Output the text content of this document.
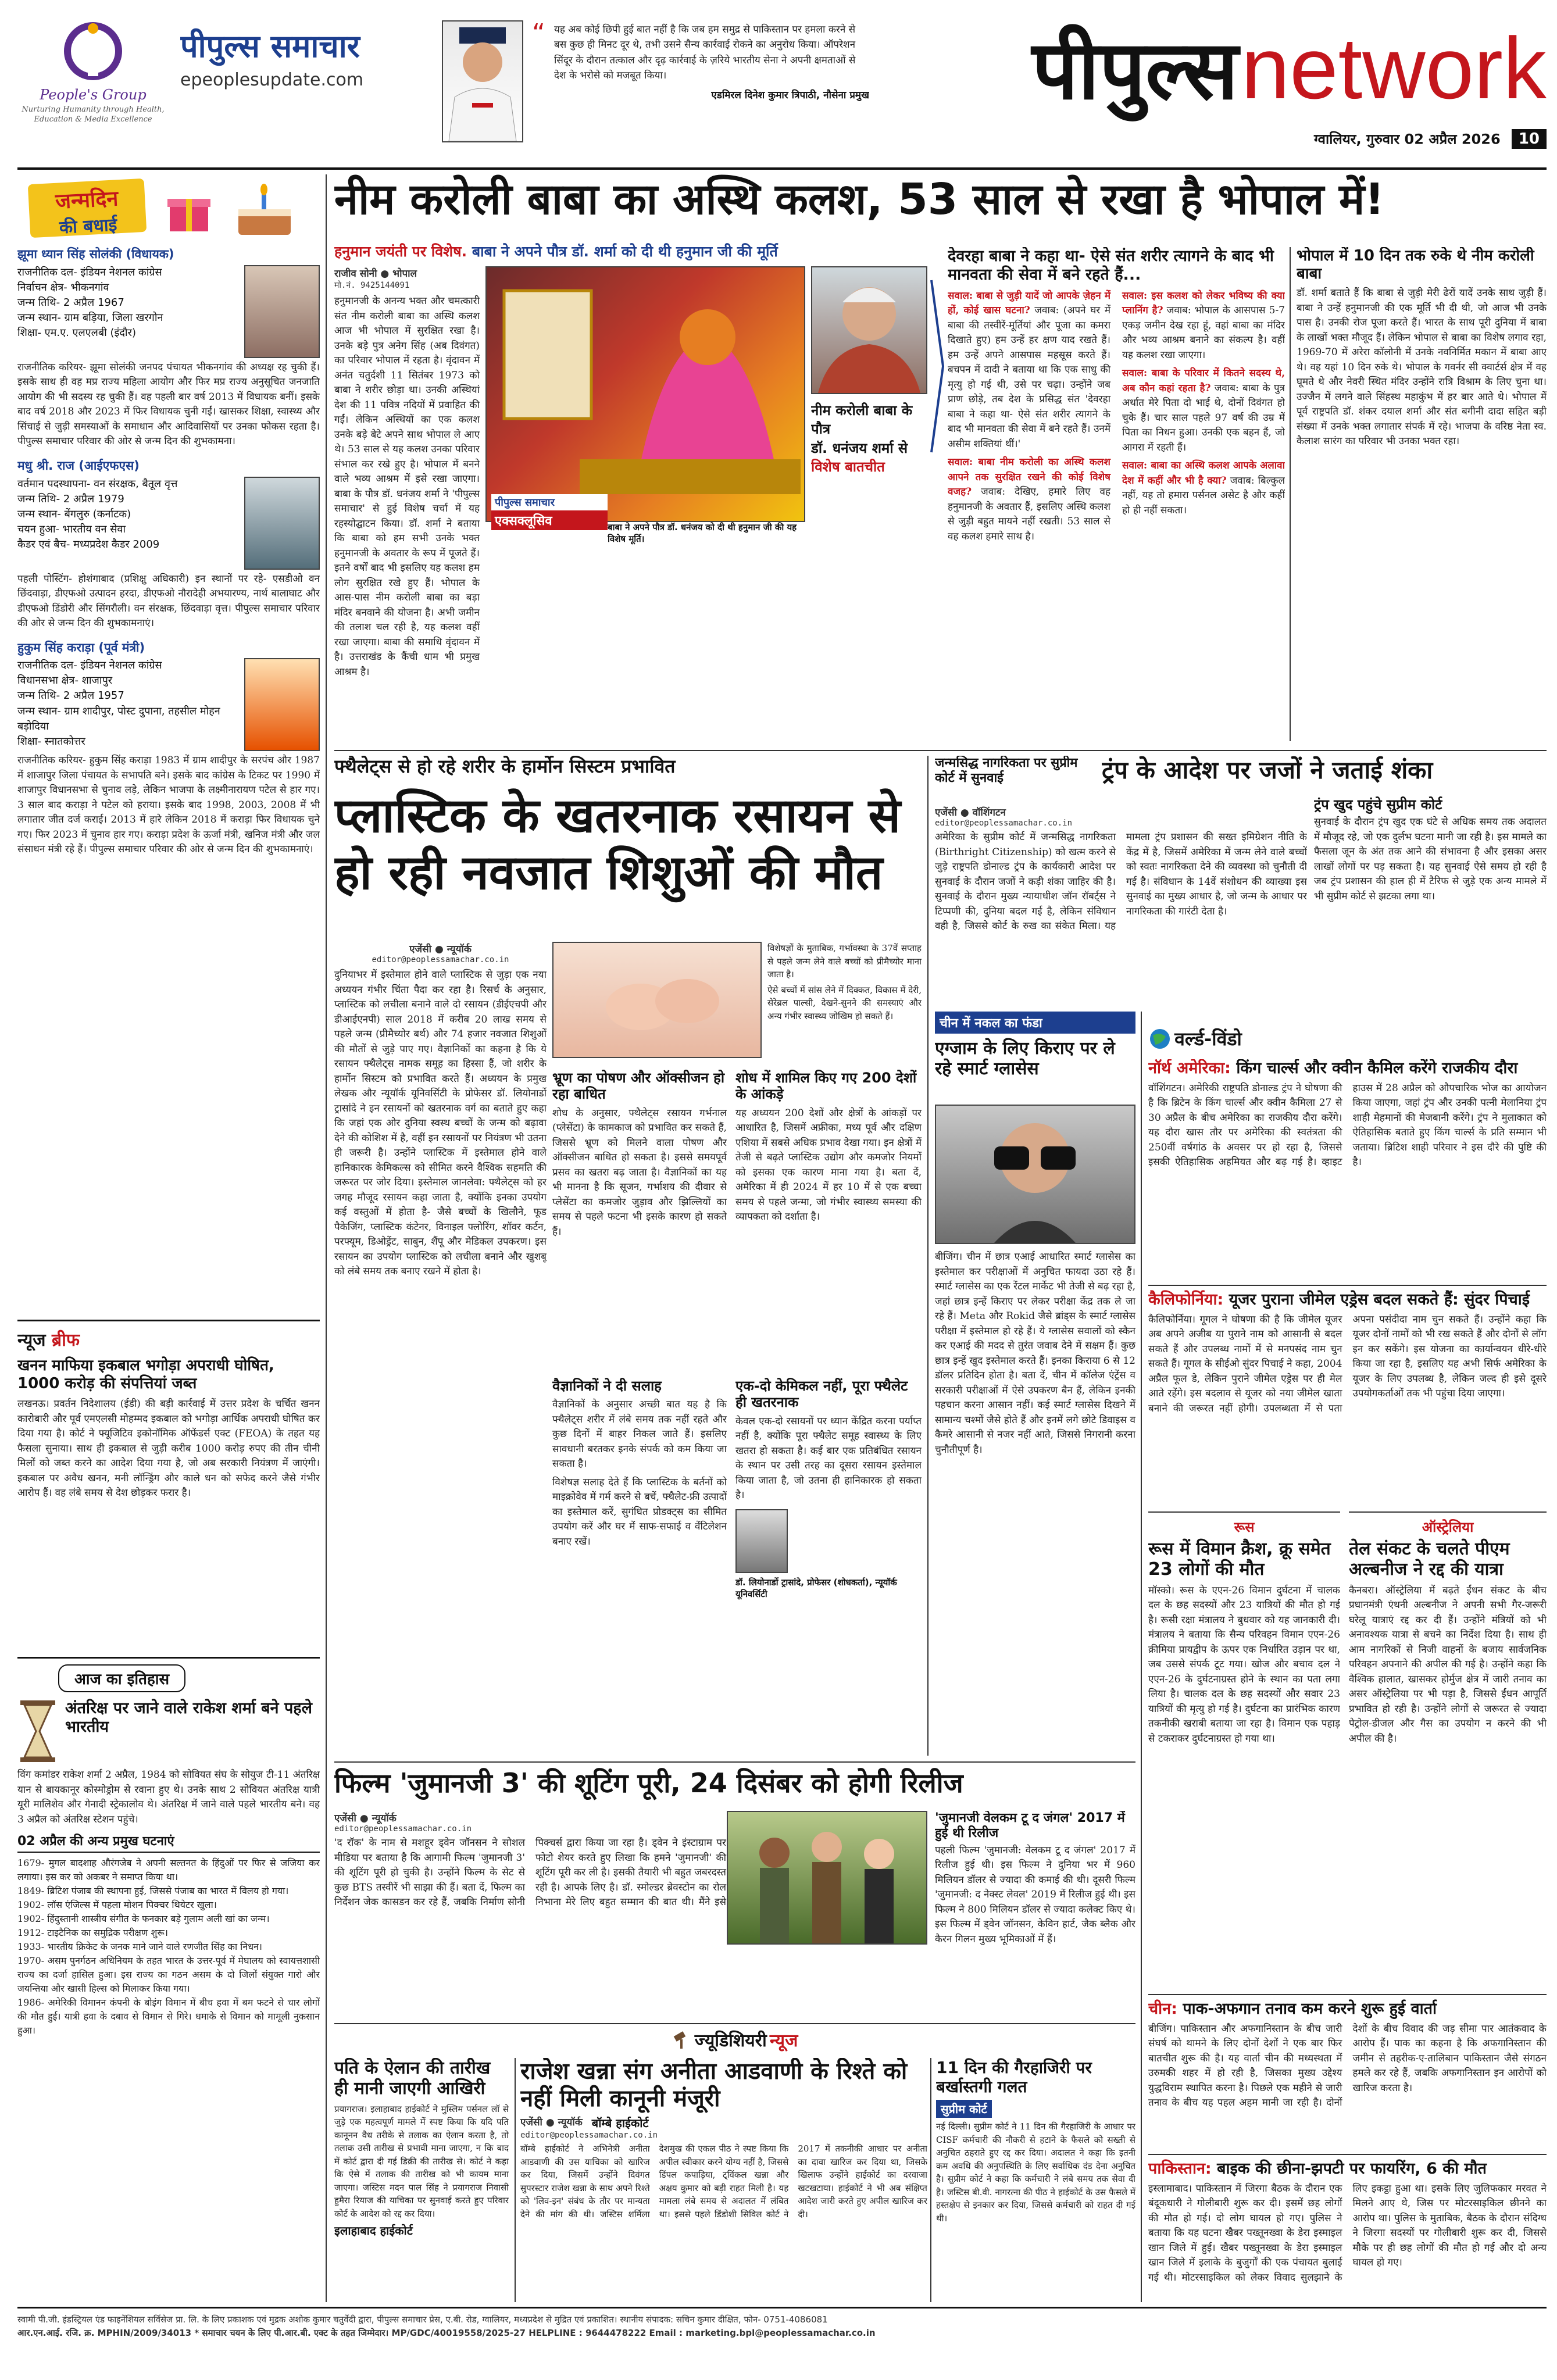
People's Group
Nurturing Humanity through Health, Education & Media Excellence
पीपुल्स समाचार
epeoplesupdate.com
“ यह अब कोई छिपी हुई बात नहीं है कि जब हम समुद्र से पाकिस्तान पर हमला करने से बस कुछ ही मिनट दूर थे, तभी उसने सैन्य कार्रवाई रोकने का अनुरोध किया। ऑपरेशन सिंदूर के दौरान तत्काल और दृढ़ कार्रवाई के ज़रिये भारतीय सेना ने अपनी क्षमताओं से देश के भरोसे को मजबूत किया।
एडमिरल दिनेश कुमार त्रिपाठी, नौसेना प्रमुख	पीपुल्स network
ग्वालियर, गुरुवार 02 अप्रैल 2026 10
जन्मदिन
की बधाई
झूमा ध्यान सिंह सोलंकी (विधायक)
राजनीतिक दल- इंडियन नेशनल कांग्रेस
निर्वाचन क्षेत्र- भीकनगांव
जन्म तिथि- 2 अप्रैल 1967
जन्म स्थान- ग्राम बड़िया, जिला खरगोन
शिक्षा- एम.ए. एलएलबी (इंदौर)
राजनीतिक करियर- झूमा सोलंकी जनपद पंचायत भीकनगांव की अध्यक्ष रह चुकी हैं। इसके साथ ही वह मप्र राज्य महिला आयोग और फिर मप्र राज्य अनुसूचित जनजाति आयोग की भी सदस्य रह चुकी हैं। वह पहली बार वर्ष 2013 में विधायक बनीं। इसके बाद वर्ष 2018 और 2023 में फिर विधायक चुनी गईं। खासकर शिक्षा, स्वास्थ्य और सिंचाई से जुड़ी समस्याओं के समाधान और आदिवासियों पर उनका फोकस रहता है। पीपुल्स समाचार परिवार की ओर से जन्म दिन की शुभकामना।
मधु श्री. राज (आईएफएस)
वर्तमान पदस्थापना- वन संरक्षक, बैतूल वृत्त
जन्म तिथि- 2 अप्रैल 1979
जन्म स्थान- बेंगलुरु (कर्नाटक)
चयन हुआ- भारतीय वन सेवा
कैडर एवं बैच- मध्यप्रदेश कैडर 2009
पहली पोस्टिंग- होशंगाबाद (प्रशिक्षु अधिकारी) इन स्थानों पर रहे- एसडीओ वन छिंदवाड़ा, डीएफओ उत्पादन हरदा, डीएफओ नौरादेही अभयारण्य, नार्थ बालाघाट और डीएफओ डिंडोरी और सिंगरौली। वन संरक्षक, छिंदवाड़ा वृत्त। पीपुल्स समाचार परिवार की ओर से जन्म दिन की शुभकामनाएं।
हुकुम सिंह कराड़ा (पूर्व मंत्री)
राजनीतिक दल- इंडियन नेशनल कांग्रेस
विधानसभा क्षेत्र- शाजापुर
जन्म तिथि- 2 अप्रैल 1957
जन्म स्थान- ग्राम शादीपुर, पोस्ट दुपाना, तहसील मोहन बड़ोदिया
शिक्षा- स्नातकोत्तर
राजनीतिक करियर- हुकुम सिंह कराड़ा 1983 में ग्राम शादीपुर के सरपंच और 1987 में शाजापुर जिला पंचायत के सभापति बने। इसके बाद कांग्रेस के टिकट पर 1990 में शाजापुर विधानसभा से चुनाव लड़े, लेकिन भाजपा के लक्ष्मीनारायण पटेल से हार गए। 3 साल बाद कराड़ा ने पटेल को हराया। इसके बाद 1998, 2003, 2008 में भी लगातार जीत दर्ज कराई। 2013 में हारे लेकिन 2018 में कराड़ा फिर विधायक चुने गए। फिर 2023 में चुनाव हार गए। कराड़ा प्रदेश के ऊर्जा मंत्री, खनिज मंत्री और जल संसाधन मंत्री रहे हैं। पीपुल्स समाचार परिवार की ओर से जन्म दिन की शुभकामनाएं।
न्यूज ब्रीफ
खनन माफिया इकबाल भगोड़ा अपराधी घोषित, 1000 करोड़ की संपत्तियां जब्त
लखनऊ। प्रवर्तन निदेशालय (ईडी) की बड़ी कार्रवाई में उत्तर प्रदेश के चर्चित खनन कारोबारी और पूर्व एमएलसी मोहम्मद इकबाल को भगोड़ा आर्थिक अपराधी घोषित कर दिया गया है। कोर्ट ने फ्यूजिटिव इकोनॉमिक ऑफेंडर्स एक्ट (FEOA) के तहत यह फैसला सुनाया। साथ ही इकबाल से जुड़ी करीब 1000 करोड़ रुपए की तीन चीनी मिलों को जब्त करने का आदेश दिया गया है, जो अब सरकारी नियंत्रण में जाएंगी। इकबाल पर अवैध खनन, मनी लॉन्ड्रिंग और काले धन को सफेद करने जैसे गंभीर आरोप हैं। वह लंबे समय से देश छोड़कर फरार है।
आज का इतिहास
अंतरिक्ष पर जाने वाले राकेश शर्मा बने पहले भारतीय
विंग कमांडर राकेश शर्मा 2 अप्रैल, 1984 को सोवियत संघ के सोयुज टी-11 अंतरिक्ष यान से बायकानूर कोस्मोड्रोम से रवाना हुए थे। उनके साथ 2 सोवियत अंतरिक्ष यात्री यूरी मालिशेव और गेनादी स्ट्रेकालोव थे। अंतरिक्ष में जाने वाले पहले भारतीय बने। वह 3 अप्रैल को अंतरिक्ष स्टेशन पहुंचे।
02 अप्रैल की अन्य प्रमुख घटनाएं
1679- मुगल बादशाह औरंगजेब ने अपनी सल्तनत के हिंदुओं पर फिर से जजिया कर लगाया। इस कर को अकबर ने समाप्त किया था।
1849- ब्रिटिश पंजाब की स्थापना हुई, जिससे पंजाब का भारत में विलय हो गया।
1902- लॉस एंजिल्स में पहला मोशन पिक्चर थियेटर खुला।
1902- हिंदुस्तानी शास्त्रीय संगीत के फनकार बड़े गुलाम अली खां का जन्म।
1912- टाइटैनिक का समुद्रिक परीक्षण शुरू।
1933- भारतीय क्रिकेट के जनक माने जाने वाले रणजीत सिंह का निधन।
1970- असम पुनर्गठन अधिनियम के तहत भारत के उत्तर-पूर्व में मेघालय को स्वायत्तशासी राज्य का दर्जा हासिल हुआ। इस राज्य का गठन असम के दो जिलों संयुक्त गारो और जयन्तिया और खासी हिल्स को मिलाकर किया गया।
1986- अमेरिकी विमानन कंपनी के बोइंग विमान में बीच हवा में बम फटने से चार लोगों की मौत हुई। यात्री हवा के दबाव से विमान से गिरे। धमाके से विमान को मामूली नुकसान हुआ।
नीम करोली बाबा का अस्थि कलश, 53 साल से रखा है भोपाल में!
हनुमान जयंती पर विशेष. बाबा ने अपने पौत्र डॉ. शर्मा को दी थी हनुमान जी की मूर्ति
राजीव सोनी ● भोपाल
मो.नं. 9425144091
हनुमानजी के अनन्य भक्त और चमत्कारी संत नीम करोली बाबा का अस्थि कलश आज भी भोपाल में सुरक्षित रखा है। उनके बड़े पुत्र अनेग सिंह (अब दिवंगत) का परिवार भोपाल में रहता है। वृंदावन में अनंत चतुर्दशी 11 सितंबर 1973 को बाबा ने शरीर छोड़ा था। उनकी अस्थियां देश की 11 पवित्र नदियों में प्रवाहित की गईं। लेकिन अस्थियों का एक कलश उनके बड़े बेटे अपने साथ भोपाल ले आए थे। 53 साल से यह कलश उनका परिवार संभाल कर रखे हुए है। भोपाल में बनने वाले भव्य आश्रम में इसे रखा जाएगा। बाबा के पौत्र डॉ. धनंजय शर्मा ने 'पीपुल्स समाचार' से हुई विशेष चर्चा में यह रहस्योद्घाटन किया। डॉ. शर्मा ने बताया कि बाबा को हम सभी उनके भक्त हनुमानजी के अवतार के रूप में पूजते हैं। इतने वर्षों बाद भी इसलिए यह कलश हम लोग सुरक्षित रखे हुए हैं। भोपाल के आस-पास नीम करोली बाबा का बड़ा मंदिर बनवाने की योजना है। अभी जमीन की तलाश चल रही है, यह कलश वहीं रखा जाएगा। बाबा की समाधि वृंदावन में है। उत्तराखंड के कैंची धाम भी प्रमुख आश्रम है।
पीपुल्स समाचार
एक्सक्लूसिव	बाबा ने अपने पौत्र डॉ. धनंजय को दी थी हनुमान जी की यह विशेष मूर्ति।
नीम करोली बाबा के पौत्र
डॉ. धनंजय शर्मा से
विशेष बातचीत
देवरहा बाबा ने कहा था- ऐसे संत शरीर त्यागने के बाद भी मानवता की सेवा में बने रहते हैं...
सवाल: बाबा से जुड़ी यादें जो आपके ज़ेहन में हों, कोई खास घटना? जवाब: (अपने घर में बाबा की तस्वीरें-मूर्तियां और पूजा का कमरा दिखाते हुए) हम उन्हें हर क्षण याद रखते हैं। हम उन्हें अपने आसपास महसूस करते हैं। बचपन में दादी ने बताया था कि एक साधु की मृत्यु हो गई थी, उसे पर चढ़ा। उन्होंने जब प्राण छोड़े, तब देश के प्रसिद्ध संत 'देवरहा बाबा ने कहा था- ऐसे संत शरीर त्यागने के बाद भी मानवता की सेवा में बने रहते हैं। उनमें असीम शक्तियां थीं।'
सवाल: बाबा नीम करोली का अस्थि कलश आपने तक सुरक्षित रखने की कोई विशेष वजह? जवाब: देखिए, हमारे लिए वह हनुमानजी के अवतार हैं, इसलिए अस्थि कलश से जुड़ी बहुत मायने नहीं रखती। 53 साल से वह कलश हमारे साथ है।
सवाल: इस कलश को लेकर भविष्य की क्या प्लानिंग है? जवाब: भोपाल के आसपास 5-7 एकड़ जमीन देख रहा हूं, वहां बाबा का मंदिर और भव्य आश्रम बनाने का संकल्प है। वहीं यह कलश रखा जाएगा।
सवाल: बाबा के परिवार में कितने सदस्य थे, अब कौन कहां रहता है? जवाब: बाबा के पुत्र अर्थात मेरे पिता दो भाई थे, दोनों दिवंगत हो चुके हैं। चार साल पहले 97 वर्ष की उम्र में पिता का निधन हुआ। उनकी एक बहन हैं, जो आगरा में रहती हैं।
सवाल: बाबा का अस्थि कलश आपके अलावा देश में कहीं और भी है क्या? जवाब: बिल्कुल नहीं, यह तो हमारा पर्सनल असेट है और कहीं हो ही नहीं सकता।
भोपाल में 10 दिन तक रुके थे नीम करोली बाबा
डॉ. शर्मा बताते हैं कि बाबा से जुड़ी मेरी ढेरों यादें उनके साथ जुड़ी हैं। बाबा ने उन्हें हनुमानजी की एक मूर्ति भी दी थी, जो आज भी उनके पास है। उनकी रोज पूजा करते हैं। भारत के साथ पूरी दुनिया में बाबा के लाखों भक्त मौजूद हैं। लेकिन भोपाल से बाबा का विशेष लगाव रहा, 1969-70 में अरेरा कॉलोनी में उनके नवनिर्मित मकान में बाबा आए थे। वह यहां 10 दिन रुके थे। भोपाल के गवर्नर सी क्वार्टर्स क्षेत्र में वह घूमते थे और नेवरी स्थित मंदिर उन्होंने रात्रि विश्राम के लिए चुना था। उज्जैन में लगने वाले सिंहस्थ महाकुंभ में हर बार आते थे। भोपाल में पूर्व राष्ट्रपति डॉ. शंकर दयाल शर्मा और संत बगीनी दादा सहित बड़ी संख्या में उनके भक्त लगातार संपर्क में रहे। भाजपा के वरिष्ठ नेता स्व. कैलाश सारंग का परिवार भी उनका भक्त रहा।
फ्थैलेट्स से हो रहे शरीर के हार्मोन सिस्टम प्रभावित
प्लास्टिक के खतरनाक रसायन से हो रही नवजात शिशुओं की मौत
एजेंसी ● न्यूयॉर्क
editor@peoplessamachar.co.in
दुनियाभर में इस्तेमाल होने वाले प्लास्टिक से जुड़ा एक नया अध्ययन गंभीर चिंता पैदा कर रहा है। रिसर्च के अनुसार, प्लास्टिक को लचीला बनाने वाले दो रसायन (डीईएचपी और डीआईएनपी) साल 2018 में करीब 20 लाख समय से पहले जन्म (प्रीमैच्योर बर्थ) और 74 हजार नवजात शिशुओं की मौतों से जुड़े पाए गए। वैज्ञानिकों का कहना है कि ये रसायन फ्थैलेट्स नामक समूह का हिस्सा हैं, जो शरीर के हार्मोन सिस्टम को प्रभावित करते हैं। अध्ययन के प्रमुख लेखक और न्यूयॉर्क यूनिवर्सिटी के प्रोफेसर डॉ. लियोनार्डो ट्रासांदे ने इन रसायनों को खतरनाक वर्ग का बताते हुए कहा कि जहां एक ओर दुनिया स्वस्थ बच्चों के जन्म को बढ़ावा देने की कोशिश में है, वहीं इन रसायनों पर नियंत्रण भी उतना ही जरूरी है। उन्होंने प्लास्टिक में इस्तेमाल होने वाले हानिकारक केमिकल्स को सीमित करने वैश्विक सहमति की जरूरत पर जोर दिया। इस्तेमाल जानलेवा: फ्थैलेट्स को हर जगह मौजूद रसायन कहा जाता है, क्योंकि इनका उपयोग कई वस्तुओं में होता है- जैसे बच्चों के खिलौने, फूड पैकेजिंग, प्लास्टिक कंटेनर, विनाइल फ्लोरिंग, शॉवर कर्टन, परफ्यूम, डिओड्रेंट, साबुन, शैंपू और मेडिकल उपकरण। इस रसायन का उपयोग प्लास्टिक को लचीला बनाने और खुशबू को लंबे समय तक बनाए रखने में होता है।
विशेषज्ञों के मुताबिक, गर्भावस्था के 37वें सप्ताह से पहले जन्म लेने वाले बच्चों को प्रीमैच्योर माना जाता है।
ऐसे बच्चों में सांस लेने में दिक्कत, विकास में देरी, सेरेब्रल पाल्सी, देखने-सुनने की समस्याएं और अन्य गंभीर स्वास्थ्य जोखिम हो सकते हैं।
भ्रूण का पोषण और ऑक्सीजन हो रहा बाधित
शोध के अनुसार, फ्थैलेट्स रसायन गर्भनाल (प्लेसेंटा) के कामकाज को प्रभावित कर सकते हैं, जिससे भ्रूण को मिलने वाला पोषण और ऑक्सीजन बाधित हो सकता है। इससे समयपूर्व प्रसव का खतरा बढ़ जाता है। वैज्ञानिकों का यह भी मानना है कि सूजन, गर्भाशय की दीवार से प्लेसेंटा का कमजोर जुड़ाव और झिल्लियों का समय से पहले फटना भी इसके कारण हो सकते हैं।
शोध में शामिल किए गए 200 देशों के आंकड़े
यह अध्ययन 200 देशों और क्षेत्रों के आंकड़ों पर आधारित है, जिसमें अफ्रीका, मध्य पूर्व और दक्षिण एशिया में सबसे अधिक प्रभाव देखा गया। इन क्षेत्रों में तेजी से बढ़ते प्लास्टिक उद्योग और कमजोर नियमों को इसका एक कारण माना गया है। बता दें, अमेरिका में ही 2024 में हर 10 में से एक बच्चा समय से पहले जन्मा, जो गंभीर स्वास्थ्य समस्या की व्यापकता को दर्शाता है।
वैज्ञानिकों ने दी सलाह
वैज्ञानिकों के अनुसार अच्छी बात यह है कि फ्थैलेट्स शरीर में लंबे समय तक नहीं रहते और कुछ दिनों में बाहर निकल जाते हैं। इसलिए सावधानी बरतकर इनके संपर्क को कम किया जा सकता है।
विशेषज्ञ सलाह देते हैं कि प्लास्टिक के बर्तनों को माइक्रोवेव में गर्म करने से बचें, फ्थैलेट-फ्री उत्पादों का इस्तेमाल करें, सुगंधित प्रोडक्ट्स का सीमित उपयोग करें और घर में साफ-सफाई व वेंटिलेशन बनाए रखें।
एक-दो केमिकल नहीं, पूरा फ्थैलेट ही खतरनाक
केवल एक-दो रसायनों पर ध्यान केंद्रित करना पर्याप्त नहीं है, क्योंकि पूरा फ्थैलेट समूह स्वास्थ्य के लिए खतरा हो सकता है। कई बार एक प्रतिबंधित रसायन के स्थान पर उसी तरह का दूसरा रसायन इस्तेमाल किया जाता है, जो उतना ही हानिकारक हो सकता है।
डॉ. लियोनार्डो ट्रासांदे, प्रोफेसर (शोधकर्ता), न्यूयॉर्क यूनिवर्सिटी
जन्मसिद्ध नागरिकता पर सुप्रीम कोर्ट में सुनवाई	ट्रंप के आदेश पर जजों ने जताई शंका
एजेंसी ● वॉशिंगटन
editor@peoplessamachar.co.in
अमेरिका के सुप्रीम कोर्ट में जन्मसिद्ध नागरिकता (Birthright Citizenship) को खत्म करने से जुड़े राष्ट्रपति डोनाल्ड ट्रंप के कार्यकारी आदेश पर सुनवाई के दौरान जजों ने कड़ी शंका जाहिर की है। सुनवाई के दौरान मुख्य न्यायाधीश जॉन रॉबर्ट्स ने टिप्पणी की, दुनिया बदल गई है, लेकिन संविधान वही है, जिससे कोर्ट के रुख का संकेत मिला। यह मामला ट्रंप प्रशासन की सख्त इमिग्रेशन नीति के केंद्र में है, जिसमें अमेरिका में जन्म लेने वाले बच्चों को स्वतः नागरिकता देने की व्यवस्था को चुनौती दी गई है। संविधान के 14वें संशोधन की व्याख्या इस सुनवाई का मुख्य आधार है, जो जन्म के आधार पर नागरिकता की गारंटी देता है।
ट्रंप खुद पहुंचे सुप्रीम कोर्ट
सुनवाई के दौरान ट्रंप खुद एक घंटे से अधिक समय तक अदालत में मौजूद रहे, जो एक दुर्लभ घटना मानी जा रही है। इस मामले का फैसला जून के अंत तक आने की संभावना है और इसका असर लाखों लोगों पर पड़ सकता है। यह सुनवाई ऐसे समय हो रही है जब ट्रंप प्रशासन की हाल ही में टैरिफ से जुड़े एक अन्य मामले में भी सुप्रीम कोर्ट से झटका लगा था।
चीन में नकल का फंडा
एग्जाम के लिए किराए पर ले रहे स्मार्ट ग्लासेस
बीजिंग। चीन में छात्र एआई आधारित स्मार्ट ग्लासेस का इस्तेमाल कर परीक्षाओं में अनुचित फायदा उठा रहे हैं। स्मार्ट ग्लासेस का एक रेंटल मार्केट भी तेजी से बढ़ रहा है, जहां छात्र इन्हें किराए पर लेकर परीक्षा केंद्र तक ले जा रहे हैं। Meta और Rokid जैसे ब्रांड्स के स्मार्ट ग्लासेस परीक्षा में इस्तेमाल हो रहे हैं। ये ग्लासेस सवालों को स्कैन कर एआई की मदद से तुरंत जवाब देने में सक्षम हैं। कुछ छात्र इन्हें खुद इस्तेमाल करते हैं। इनका किराया 6 से 12 डॉलर प्रतिदिन होता है। बता दें, चीन में कॉलेज एंट्रेंस व सरकारी परीक्षाओं में ऐसे उपकरण बैन हैं, लेकिन इनकी पहचान करना आसान नहीं। कई स्मार्ट ग्लासेस दिखने में सामान्य चश्मों जैसे होते हैं और इनमें लगे छोटे डिवाइस व कैमरे आसानी से नजर नहीं आते, जिससे निगरानी करना चुनौतीपूर्ण है।
वर्ल्ड-विंडो
नॉर्थ अमेरिका: किंग चार्ल्स और क्वीन कैमिल करेंगे राजकीय दौरा
वॉशिंगटन। अमेरिकी राष्ट्रपति डोनाल्ड ट्रंप ने घोषणा की है कि ब्रिटेन के किंग चार्ल्स और क्वीन कैमिला 27 से 30 अप्रैल के बीच अमेरिका का राजकीय दौरा करेंगे। यह दौरा खास तौर पर अमेरिका की स्वतंत्रता की 250वीं वर्षगांठ के अवसर पर हो रहा है, जिससे इसकी ऐतिहासिक अहमियत और बढ़ गई है। व्हाइट हाउस में 28 अप्रैल को औपचारिक भोज का आयोजन किया जाएगा, जहां ट्रंप और उनकी पत्नी मेलानिया ट्रंप शाही मेहमानों की मेजबानी करेंगे। ट्रंप ने मुलाकात को ऐतिहासिक बताते हुए किंग चार्ल्स के प्रति सम्मान भी जताया। ब्रिटिश शाही परिवार ने इस दौरे की पुष्टि की है।
कैलिफोर्निया: यूजर पुराना जीमेल एड्रेस बदल सकते हैं: सुंदर पिचाई
कैलिफोर्निया। गूगल ने घोषणा की है कि जीमेल यूजर अब अपने अजीब या पुराने नाम को आसानी से बदल सकते हैं और उपलब्ध नामों में से मनपसंद नाम चुन सकते हैं। गूगल के सीईओ सुंदर पिचाई ने कहा, 2004 अप्रैल फूल डे, लेकिन पुराने जीमेल एड्रेस पर ही मेल आते रहेंगे। इस बदलाव से यूजर को नया जीमेल खाता बनाने की जरूरत नहीं होगी। उपलब्धता में से पता अपना पसंदीदा नाम चुन सकते हैं। उन्होंने कहा कि यूजर दोनों नामों को भी रख सकते हैं और दोनों से लॉग इन कर सकेंगे। इस योजना का कार्यान्वयन धीरे-धीरे किया जा रहा है, इसलिए यह अभी सिर्फ अमेरिका के यूजर के लिए उपलब्ध है, लेकिन जल्द ही इसे दूसरे उपयोगकर्ताओं तक भी पहुंचा दिया जाएगा।
रूस
रूस में विमान क्रैश, क्रू समेत 23 लोगों की मौत
मॉस्को। रूस के एएन-26 विमान दुर्घटना में चालक दल के छह सदस्यों और 23 यात्रियों की मौत हो गई है। रूसी रक्षा मंत्रालय ने बुधवार को यह जानकारी दी। मंत्रालय ने बताया कि सैन्य परिवहन विमान एएन-26 क्रीमिया प्रायद्वीप के ऊपर एक निर्धारित उड़ान पर था, जब उससे संपर्क टूट गया। खोज और बचाव दल ने एएन-26 के दुर्घटनाग्रस्त होने के स्थान का पता लगा लिया है। चालक दल के छह सदस्यों और सवार 23 यात्रियों की मृत्यु हो गई है। दुर्घटना का प्रारंभिक कारण तकनीकी खराबी बताया जा रहा है। विमान एक पहाड़ से टकराकर दुर्घटनाग्रस्त हो गया था।
ऑस्ट्रेलिया
तेल संकट के चलते पीएम अल्बनीज ने रद्द की यात्रा
कैनबरा। ऑस्ट्रेलिया में बढ़ते ईंधन संकट के बीच प्रधानमंत्री एंथनी अल्बनीज ने अपनी सभी गैर-जरूरी घरेलू यात्राएं रद्द कर दी हैं। उन्होंने मंत्रियों को भी अनावश्यक यात्रा से बचने का निर्देश दिया है। साथ ही आम नागरिकों से निजी वाहनों के बजाय सार्वजनिक परिवहन अपनाने की अपील की गई है। उन्होंने कहा कि वैश्विक हालात, खासकर होर्मुज क्षेत्र में जारी तनाव का असर ऑस्ट्रेलिया पर भी पड़ा है, जिससे ईंधन आपूर्ति प्रभावित हो रही है। उन्होंने लोगों से जरूरत से ज्यादा पेट्रोल-डीजल और गैस का उपयोग न करने की भी अपील की है।
चीन: पाक-अफगान तनाव कम करने शुरू हुई वार्ता
बीजिंग। पाकिस्तान और अफगानिस्तान के बीच जारी संघर्ष को थामने के लिए दोनों देशों ने एक बार फिर बातचीत शुरू की है। यह वार्ता चीन की मध्यस्थता में उरुमकी शहर में हो रही है, जिसका मुख्य उद्देश्य युद्धविराम स्थापित करना है। पिछले एक महीने से जारी तनाव के बीच यह पहल अहम मानी जा रही है। दोनों देशों के बीच विवाद की जड़ सीमा पार आतंकवाद के आरोप हैं। पाक का कहना है कि अफगानिस्तान की जमीन से तहरीक-ए-तालिबान पाकिस्तान जैसे संगठन हमले कर रहे हैं, जबकि अफगानिस्तान इन आरोपों को खारिज करता है।
पाकिस्तान: बाइक की छीना-झपटी पर फायरिंग, 6 की मौत
इस्लामाबाद। पाकिस्तान में जिरगा बैठक के दौरान एक बंदूकधारी ने गोलीबारी शुरू कर दी। इसमें छह लोगों की मौत हो गई। दो लोग घायल हो गए। पुलिस ने बताया कि यह घटना खैबर पख्तूनख्वा के डेरा इस्माइल खान जिले में हुई। खैबर पख्तूनख्वा के डेरा इस्माइल खान जिले में इलाके के बुजुर्गों की एक पंचायत बुलाई गई थी। मोटरसाइकिल को लेकर विवाद सुलझाने के लिए इकट्ठा हुआ था। इसके लिए जुलिफकार मरवत ने मिलने आए थे, जिस पर मोटरसाइकिल छीनने का आरोप था। पुलिस के मुताबिक, बैठक के दौरान संदिग्ध ने जिरगा सदस्यों पर गोलीबारी शुरू कर दी, जिससे मौके पर ही छह लोगों की मौत हो गई और दो अन्य घायल हो गए।
फिल्म 'जुमानजी 3' की शूटिंग पूरी, 24 दिसंबर को होगी रिलीज
एजेंसी ● न्यूयॉर्क
editor@peoplessamachar.co.in
'द रॉक' के नाम से मशहूर ड्वेन जॉनसन ने सोशल मीडिया पर बताया है कि आगामी फिल्म 'जुमानजी 3' की शूटिंग पूरी हो चुकी है। उन्होंने फिल्म के सेट से कुछ BTS तस्वीरें भी साझा की हैं। बता दें, फिल्म का निर्देशन जेक कासडन कर रहे हैं, जबकि निर्माण सोनी पिक्चर्स द्वारा किया जा रहा है। ड्वेन ने इंस्टाग्राम पर फोटो शेयर करते हुए लिखा कि हमने 'जुमानजी' की शूटिंग पूरी कर ली है। इसकी तैयारी भी बहुत जबरदस्त रही है। आपके लिए है। डॉ. स्मोल्डर ब्रेवस्टोन का रोल निभाना मेरे लिए बहुत सम्मान की बात थी। मैंने इसे
'जुमानजी वेलकम टू द जंगल' 2017 में हुई थी रिलीज
पहली फिल्म 'जुमानजी: वेलकम टू द जंगल' 2017 में रिलीज हुई थी। इस फिल्म ने दुनिया भर में 960 मिलियन डॉलर से ज्यादा की कमाई की थी। दूसरी फिल्म 'जुमानजी: द नेक्स्ट लेवल' 2019 में रिलीज हुई थी। इस फिल्म ने 800 मिलियन डॉलर से ज्यादा कलेक्ट किए थे। इस फिल्म में ड्वेन जॉनसन, केविन हार्ट, जैक ब्लैक और कैरन गिलन मुख्य भूमिकाओं में हैं।
ज्यूडिशियरी न्यूज
पति के ऐलान की तारीख ही मानी जाएगी आखिरी
प्रयागराज। इलाहाबाद हाईकोर्ट ने मुस्लिम पर्सनल लॉ से जुड़े एक महत्वपूर्ण मामले में स्पष्ट किया कि यदि पति कानूनन वैध तरीके से तलाक का ऐलान करता है, तो तलाक उसी तारीख से प्रभावी माना जाएगा, न कि बाद में कोर्ट द्वारा दी गई डिक्री की तारीख से। कोर्ट ने कहा कि ऐसे में तलाक की तारीख को भी कायम माना जाएगा। जस्टिस मदन पाल सिंह ने प्रयागराज निवासी हुमैरा रियाज की याचिका पर सुनवाई करते हुए परिवार कोर्ट के आदेश को रद्द कर दिया।
इलाहाबाद हाईकोर्ट
राजेश खन्ना संग अनीता आडवाणी के रिश्ते को नहीं मिली कानूनी मंजूरी
एजेंसी ● न्यूयॉर्क बॉम्बे हाईकोर्ट
editor@peoplessamachar.co.in
बॉम्बे हाईकोर्ट ने अभिनेत्री अनीता आडवाणी की उस याचिका को खारिज कर दिया, जिसमें उन्होंने दिवंगत सुपरस्टार राजेश खन्ना के साथ अपने रिश्ते को 'लिव-इन' संबंध के तौर पर मान्यता देने की मांग की थी। जस्टिस शर्मिला देशमुख की एकल पीठ ने स्पष्ट किया कि अपील स्वीकार करने योग्य नहीं है, जिससे डिंपल कपाड़िया, ट्विंकल खन्ना और अक्षय कुमार को बड़ी राहत मिली है। यह मामला लंबे समय से अदालत में लंबित था। इससे पहले डिंडोशी सिविल कोर्ट ने 2017 में तकनीकी आधार पर अनीता का दावा खारिज कर दिया था, जिसके खिलाफ उन्होंने हाईकोर्ट का दरवाजा खटखटाया। हाईकोर्ट ने भी अब संक्षिप्त आदेश जारी करते हुए अपील खारिज कर दी।
11 दिन की गैरहाजिरी पर बर्खास्तगी गलत
सुप्रीम कोर्ट
नई दिल्ली। सुप्रीम कोर्ट ने 11 दिन की गैरहाजिरी के आधार पर CISF कर्मचारी की नौकरी से हटाने के फैसले को सख्ती से अनुचित ठहराते हुए रद्द कर दिया। अदालत ने कहा कि इतनी कम अवधि की अनुपस्थिति के लिए सर्वाधिक दंड देना अनुचित है। सुप्रीम कोर्ट ने कहा कि कर्मचारी ने लंबे समय तक सेवा दी है। जस्टिस बी.वी. नागरत्ना की पीठ ने हाईकोर्ट के उस फैसले में हस्तक्षेप से इनकार कर दिया, जिससे कर्मचारी को राहत दी गई थी।
स्वामी पी.जी. इंडस्ट्रियल एंड फाइनेंशियल सर्विसेज प्रा. लि. के लिए प्रकाशक एवं मुद्रक अशोक कुमार चतुर्वेदी द्वारा, पीपुल्स समाचार प्रेस, ए.बी. रोड, ग्वालियर, मध्यप्रदेश से मुद्रित एवं प्रकाशित। स्थानीय संपादक: सचिन कुमार दीक्षित, फोन- 0751-4086081
आर.एन.आई. रजि. क्र. MPHIN/2009/34013 * समाचार चयन के लिए पी.आर.बी. एक्ट के तहत जिम्मेदार। MP/GDC/40019558/2025-27 HELPLINE : 9644478222 Email : marketing.bpl@peoplessamachar.co.in
